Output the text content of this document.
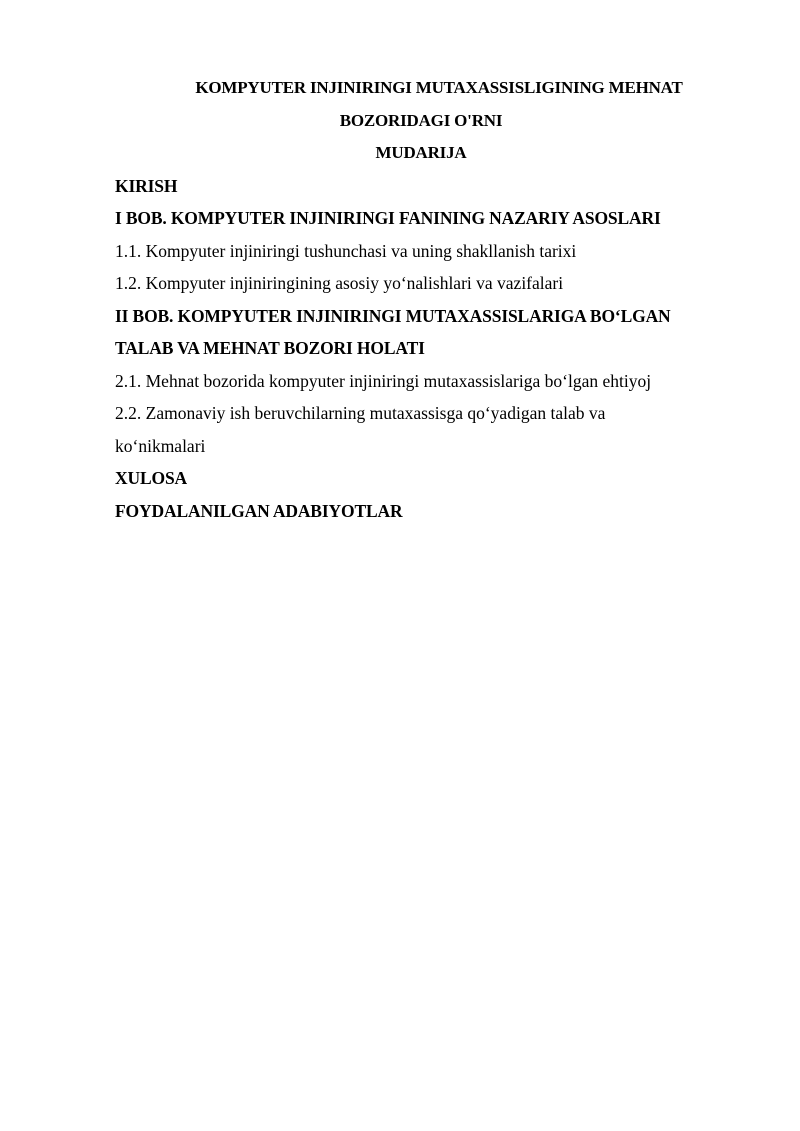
KOMPYUTER INJINIRINGI MUTAXASSISLIGINING MEHNAT

BOZORIDAGI O'RNI

MUDARIJA

KIRISH
I BOB. KOMPYUTER INJINIRINGI FANINING NAZARIY ASOSLARI
1.1. Kompyuter injiniringi tushunchasi va uning shakllanish tarixi
1.2. Kompyuter injiniringining asosiy yo‘nalishlari va vazifalari
II BOB. KOMPYUTER INJINIRINGI MUTAXASSISLARIGA BO‘LGAN
TALAB VA MEHNAT BOZORI HOLATI
2.1. Mehnat bozorida kompyuter injiniringi mutaxassislariga bo‘lgan ehtiyoj
2.2. Zamonaviy ish beruvchilarning mutaxassisga qo‘yadigan talab va
ko‘nikmalari
XULOSA
FOYDALANILGAN ADABIYOTLAR
